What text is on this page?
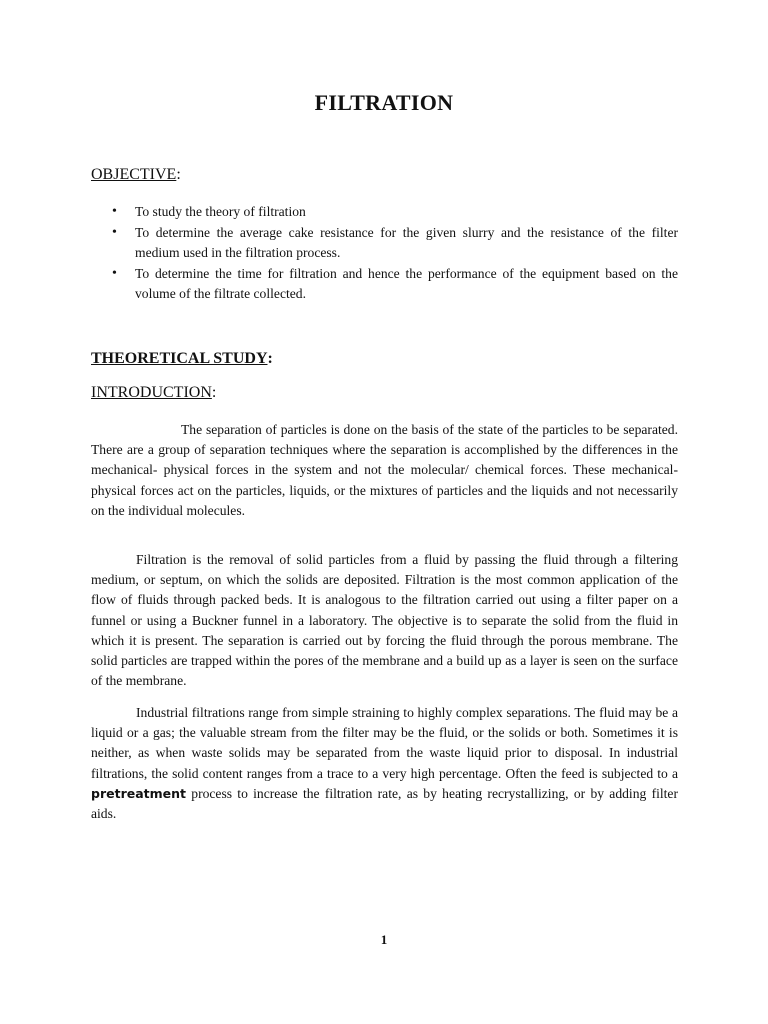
FILTRATION
OBJECTIVE:
• To study the theory of filtration
• To determine the average cake resistance for the given slurry and the resistance of the filter medium used in the filtration process.
• To determine the time for filtration and hence the performance of the equipment based on the volume of the filtrate collected.
THEORETICAL STUDY:
INTRODUCTION:

The separation of particles is done on the basis of the state of the particles to be separated. There are a group of separation techniques where the separation is accomplished by the differences in the mechanical- physical forces in the system and not the molecular/ chemical forces. These mechanical- physical forces act on the particles, liquids, or the mixtures of particles and the liquids and not necessarily on the individual molecules.

Filtration is the removal of solid particles from a fluid by passing the fluid through a filtering medium, or septum, on which the solids are deposited. Filtration is the most common application of the flow of fluids through packed beds. It is analogous to the filtration carried out using a filter paper on a funnel or using a Buckner funnel in a laboratory. The objective is to separate the solid from the fluid in which it is present. The separation is carried out by forcing the fluid through the porous membrane. The solid particles are trapped within the pores of the membrane and a build up as a layer is seen on the surface of the membrane.

Industrial filtrations range from simple straining to highly complex separations. The fluid may be a liquid or a gas; the valuable stream from the filter may be the fluid, or the solids or both. Sometimes it is neither, as when waste solids may be separated from the waste liquid prior to disposal. In industrial filtrations, the solid content ranges from a trace to a very high percentage. Often the feed is subjected to a pretreatment process to increase the filtration rate, as by heating recrystallizing, or by adding filter aids.

1
